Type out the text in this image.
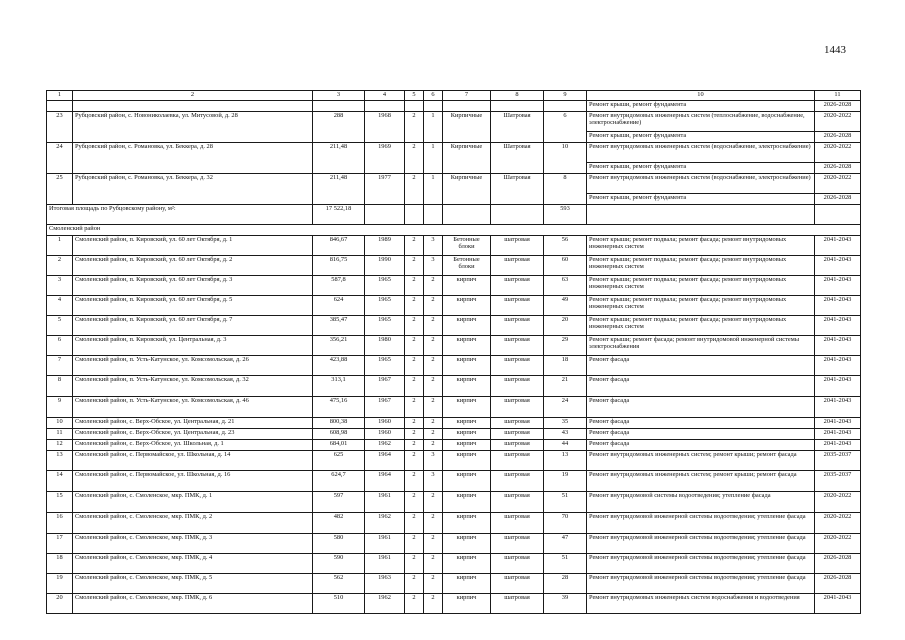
1443
1	2	3	4	5	6	7	8	9	10	11
									Ремонт крыши, ремонт фундамента	2026-2028
23	Рубцовский район, с. Новониколаевка, ул. Митусовой, д. 28	288	1968	2	1	Кирпичные	Шатровая	6	Ремонт внутридомовых инженерных систем (теплоснабжение, водоснабжение, электроснабжение)	2020-2022
									Ремонт крыши, ремонт фундамента	2026-2028
24	Рубцовский район, с. Романовка, ул. Беккера, д. 28	211,48	1969	2	1	Кирпичные	Шатровая	10	Ремонт внутридомовых инженерных систем (водоснабжение, электроснабжение)	2020-2022
									Ремонт крыши, ремонт фундамента	2026-2028
25	Рубцовский район, с. Романовка, ул. Беккера, д. 32	211,48	1977	2	1	Кирпичные	Шатровая	8	Ремонт внутридомовых инженерных систем (водоснабжение, электроснабжение)	2020-2022
									Ремонт крыши, ремонт фундамента	2026-2028
Итоговая площадь по Рубцовскому району, м²:		17 522,18						593		
Смоленский район										
1	Смоленский район, п. Кировский, ул. 60 лет Октября, д. 1	846,67	1989	2	3	Бетонные блоки	шатровая	56	Ремонт крыши; ремонт подвала; ремонт фасада; ремонт внутридомовых инженерных систем	2041-2043
2	Смоленский район, п. Кировский, ул. 60 лет Октября, д. 2	816,75	1990	2	3	Бетонные блоки	шатровая	60	Ремонт крыши; ремонт подвала; ремонт фасада; ремонт внутридомовых инженерных систем	2041-2043
3	Смоленский район, п. Кировский, ул. 60 лет Октября, д. 3	587,8	1965	2	2	кирпич	шатровая	63	Ремонт крыши; ремонт подвала; ремонт фасада; ремонт внутридомовых инженерных систем	2041-2043
4	Смоленский район, п. Кировский, ул. 60 лет Октября, д. 5	624	1965	2	2	кирпич	шатровая	49	Ремонт крыши; ремонт подвала; ремонт фасада; ремонт внутридомовых инженерных систем	2041-2043
5	Смоленский район, п. Кировский, ул. 60 лет Октября, д. 7	385,47	1965	2	2	кирпич	шатровая	20	Ремонт крыши; ремонт подвала; ремонт фасада; ремонт внутридомовых инженерных систем	2041-2043
6	Смоленский район, п. Кировский, ул. Центральная, д. 3	356,21	1980	2	2	кирпич	шатровая	29	Ремонт крыши; ремонт фасада; ремонт внутридомовой инженерной системы электроснабжения	2041-2043
7	Смоленский район, п. Усть-Катунское, ул. Комсомольская, д. 26	423,88	1965	2	2	кирпич	шатровая	18	Ремонт фасада	2041-2043
8	Смоленский район, п. Усть-Катунское, ул. Комсомольская, д. 32	313,1	1967	2	2	кирпич	шатровая	21	Ремонт фасада	2041-2043
9	Смоленский район, п. Усть-Катунское, ул. Комсомольская, д. 46	475,16	1967	2	2	кирпич	шатровая	24	Ремонт фасада	2041-2043
10	Смоленский район, с. Верх-Обское, ул. Центральная, д. 21	800,38	1960	2	2	кирпич	шатровая	35	Ремонт фасада	2041-2043
11	Смоленский район, с. Верх-Обское, ул. Центральная, д. 23	608,98	1960	2	2	кирпич	шатровая	43	Ремонт фасада	2041-2043
12	Смоленский район, с. Верх-Обское, ул. Школьная, д. 1	684,01	1962	2	2	кирпич	шатровая	44	Ремонт фасада	2041-2043
13	Смоленский район, с. Первомайское, ул. Школьная, д. 14	625	1964	2	3	кирпич	шатровая	13	Ремонт внутридомовых инженерных систем; ремонт крыши; ремонт фасада	2035-2037
14	Смоленский район, с. Первомайское, ул. Школьная, д. 16	624,7	1964	2	3	кирпич	шатровая	19	Ремонт внутридомовых инженерных систем; ремонт крыши; ремонт фасада	2035-2037
15	Смоленский район, с. Смоленское, мкр. ПМК, д. 1	597	1961	2	2	кирпич	шатровая	51	Ремонт внутридомовой системы водоотведения; утепление фасада	2020-2022
16	Смоленский район, с. Смоленское, мкр. ПМК, д. 2	482	1962	2	2	кирпич	шатровая	70	Ремонт внутридомовой инженерной системы водоотведения; утепление фасада	2020-2022
17	Смоленский район, с. Смоленское, мкр. ПМК, д. 3	580	1961	2	2	кирпич	шатровая	47	Ремонт внутридомовой инженерной системы водоотведения; утепление фасада	2020-2022
18	Смоленский район, с. Смоленское, мкр. ПМК, д. 4	590	1961	2	2	кирпич	шатровая	51	Ремонт внутридомовой инженерной системы водоотведения; утепление фасада	2026-2028
19	Смоленский район, с. Смоленское, мкр. ПМК, д. 5	562	1963	2	2	кирпич	шатровая	28	Ремонт внутридомовой инженерной системы водоотведения; утепление фасада	2026-2028
20	Смоленский район, с. Смоленское, мкр. ПМК, д. 6	510	1962	2	2	кирпич	шатровая	39	Ремонт внутридомовых инженерных систем водоснабжения и водоотведения	2041-2043
